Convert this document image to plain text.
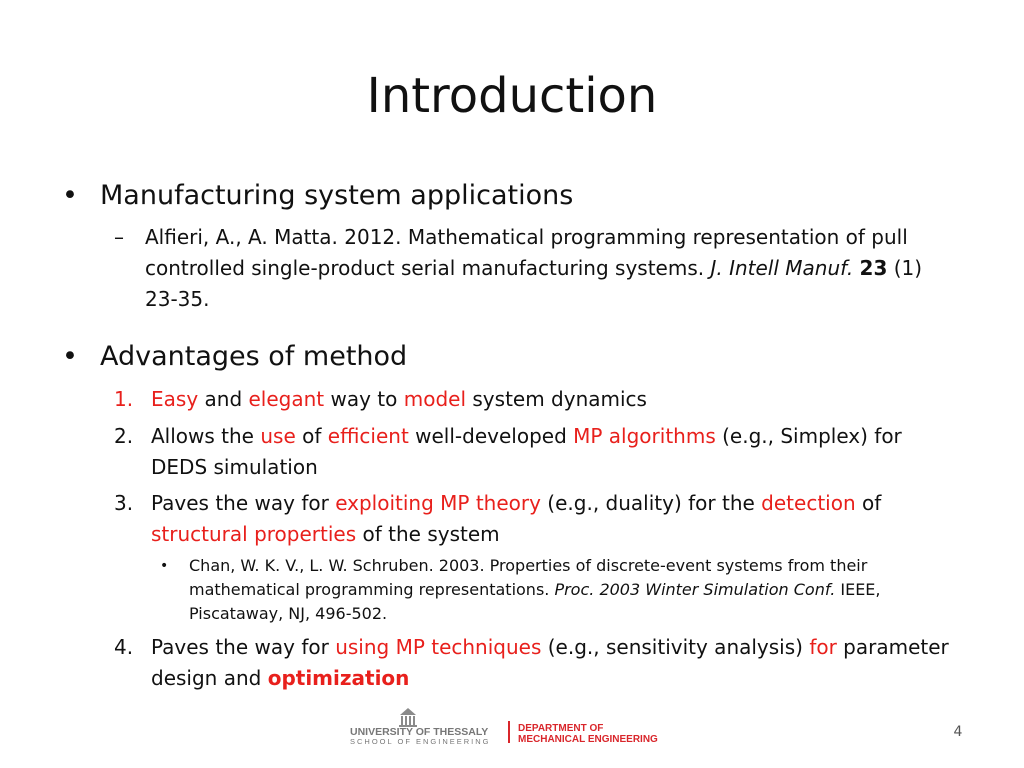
Introduction
• Manufacturing system applications
– Alfieri, A., A. Matta. 2012. Mathematical programming representation of pull controlled single-product serial manufacturing systems. J. Intell Manuf. 23 (1) 23-35.
• Advantages of method
1. Easy and elegant way to model system dynamics
2. Allows the use of efficient well-developed MP algorithms (e.g., Simplex) for DEDS simulation
3. Paves the way for exploiting MP theory (e.g., duality) for the detection of structural properties of the system
• Chan, W. K. V., L. W. Schruben. 2003. Properties of discrete-event systems from their mathematical programming representations. Proc. 2003 Winter Simulation Conf. IEEE, Piscataway, NJ, 496-502.
4. Paves the way for using MP techniques (e.g., sensitivity analysis) for parameter design and optimization
UNIVERSITY OF THESSALY
SCHOOL OF ENGINEERING
DEPARTMENT OF
MECHANICAL ENGINEERING	4
